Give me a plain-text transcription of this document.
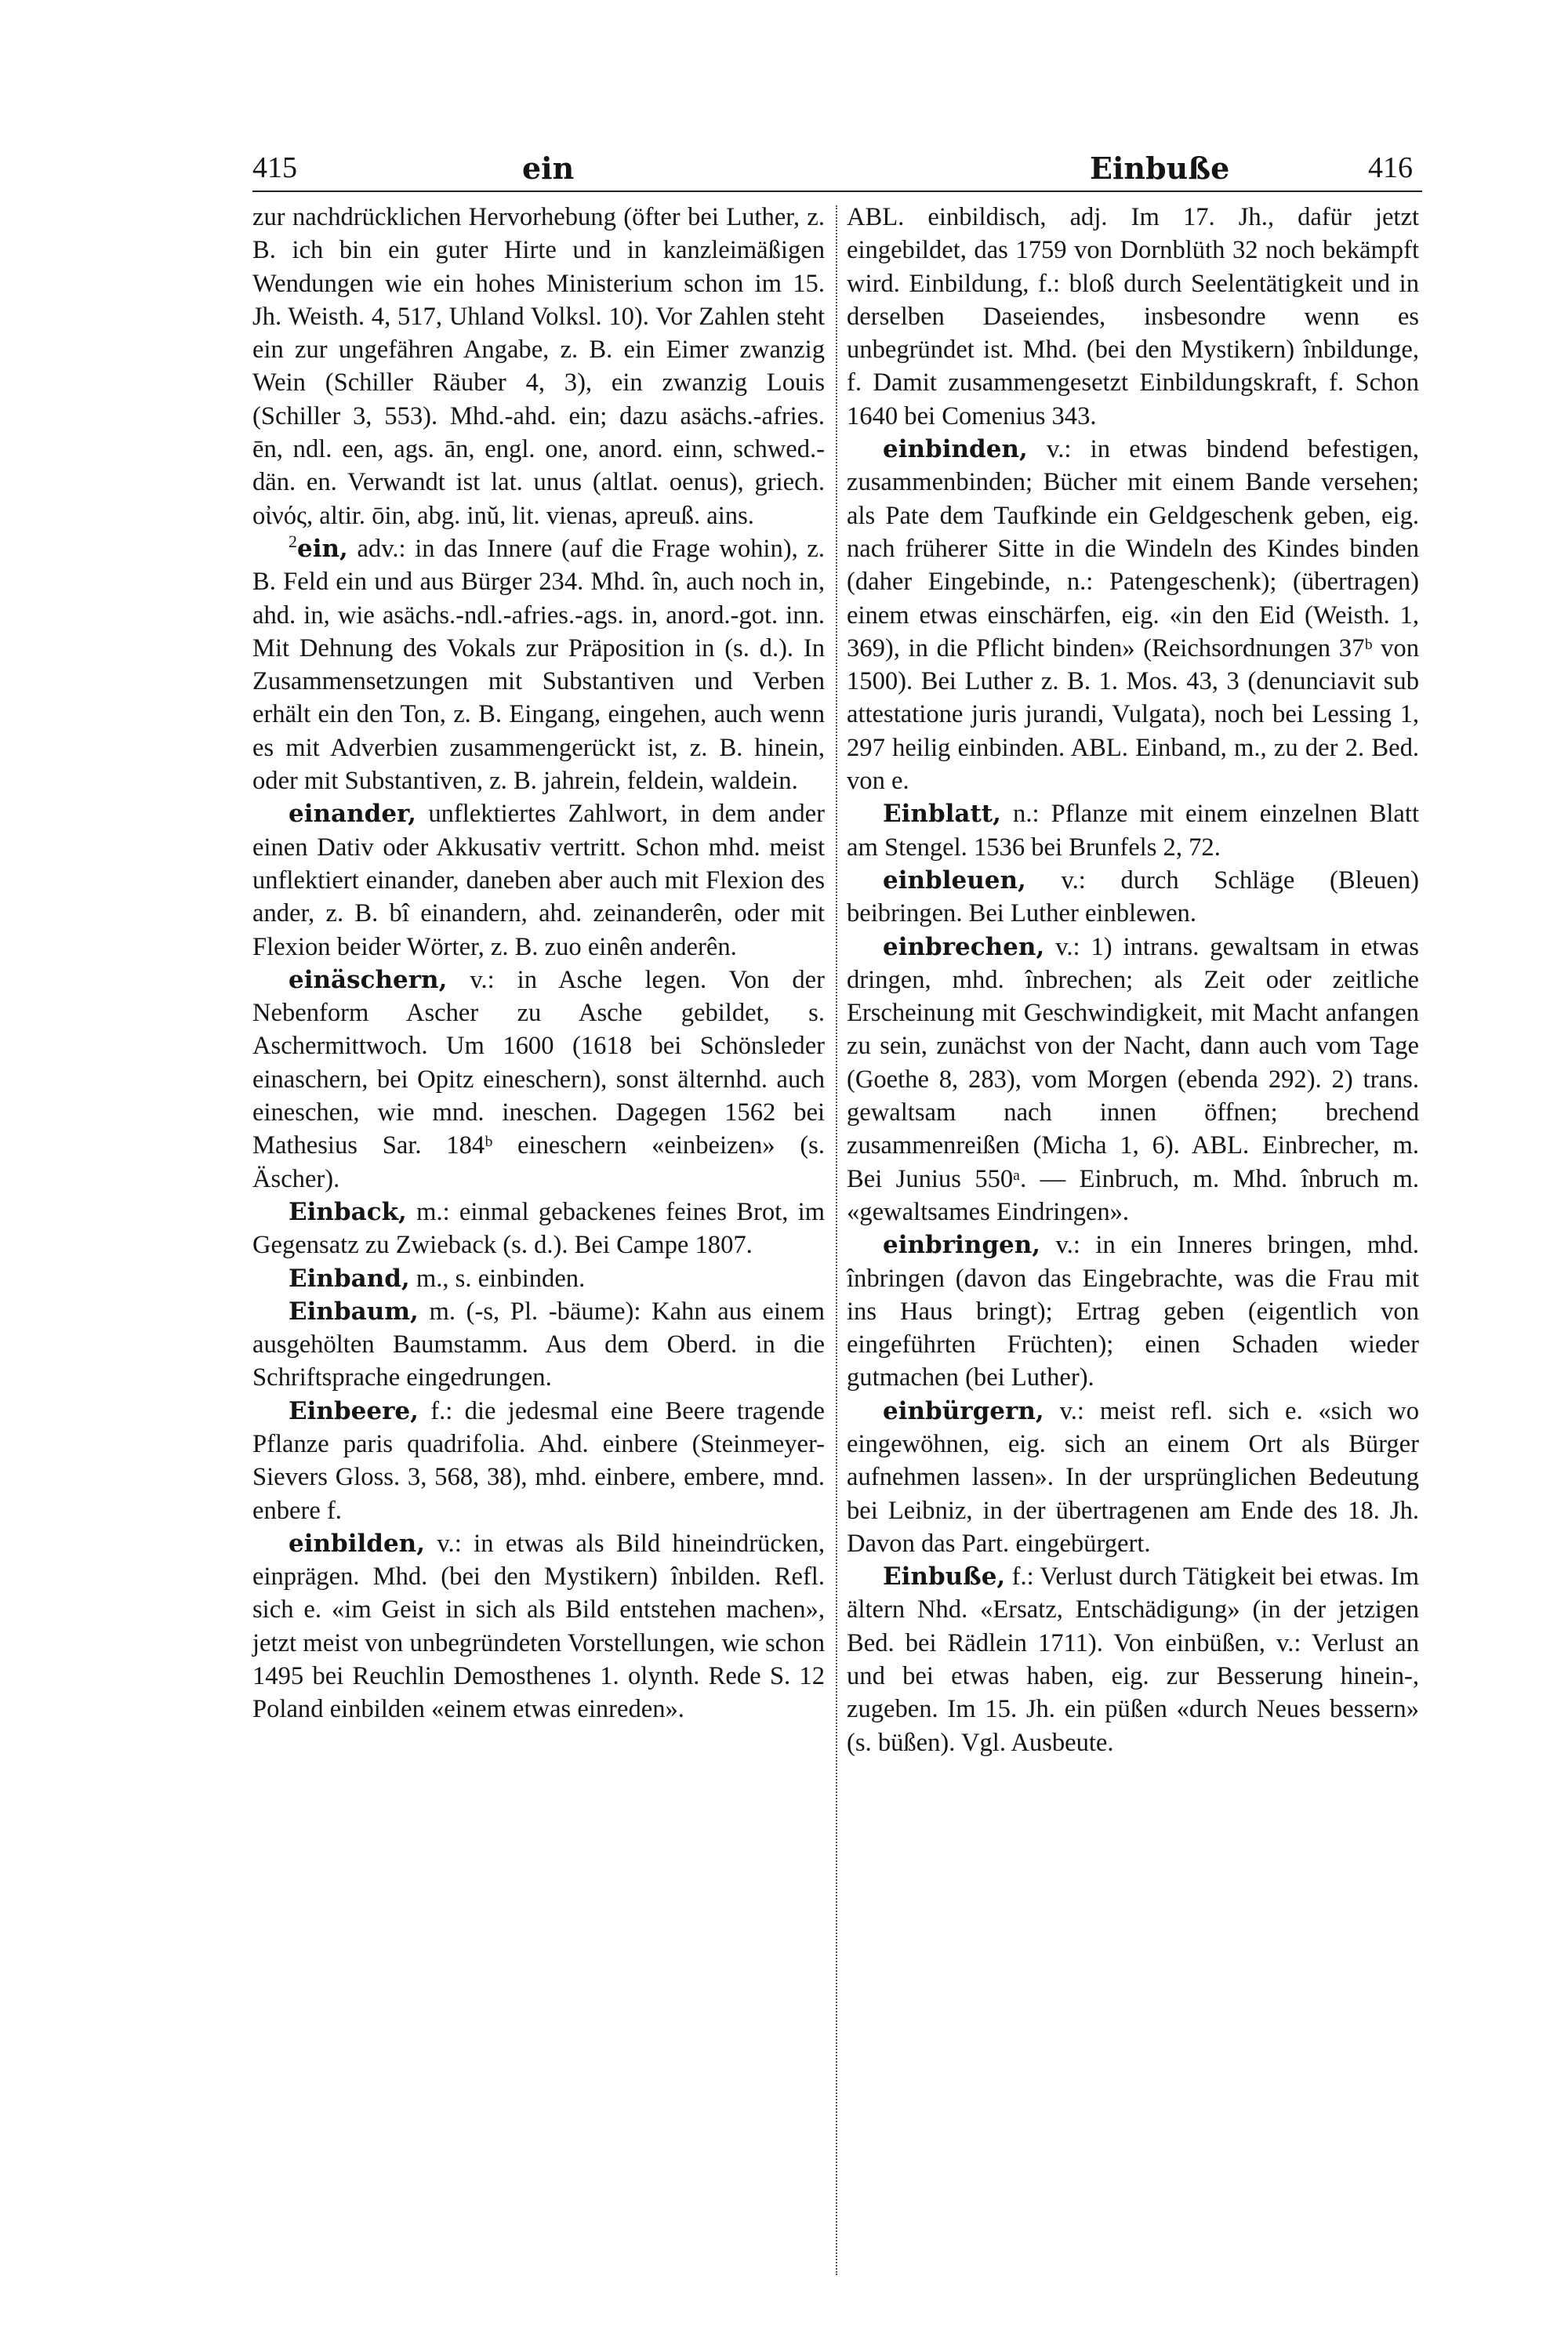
415	ein	Einbuße	416

zur nachdrücklichen Hervorhebung (öfter bei Luther, z. B. ich bin ein guter Hirte und in kanzleimäßigen Wendungen wie ein hohes Ministerium schon im 15. Jh. Weisth. 4, 517, Uhland Volksl. 10). Vor Zahlen steht ein zur ungefähren Angabe, z. B. ein Eimer zwanzig Wein (Schiller Räuber 4, 3), ein zwanzig Louis (Schiller 3, 553). Mhd.-ahd. ein; dazu asächs.-afries. ēn, ndl. een, ags. ān, engl. one, anord. einn, schwed.-dän. en. Verwandt ist lat. unus (altlat. oenus), griech. οἰνός, altir. ōin, abg. inŭ, lit. vienas, apreuß. ains.

$^2$ein, adv.: in das Innere (auf die Frage wohin), z. B. Feld ein und aus Bürger 234. Mhd. în, auch noch in, ahd. in, wie asächs.-ndl.-afries.-ags. in, anord.-got. inn. Mit Dehnung des Vokals zur Präposition in (s. d.). In Zusammensetzungen mit Substantiven und Verben erhält ein den Ton, z. B. Eingang, eingehen, auch wenn es mit Adverbien zusammengerückt ist, z. B. hinein, oder mit Substantiven, z. B. jahrein, feldein, waldein.

einander, unflektiertes Zahlwort, in dem ander einen Dativ oder Akkusativ vertritt. Schon mhd. meist unflektiert einander, daneben aber auch mit Flexion des ander, z. B. bî einandern, ahd. zeinanderên, oder mit Flexion beider Wörter, z. B. zuo einên anderên.

einäschern, v.: in Asche legen. Von der Nebenform Ascher zu Asche gebildet, s. Aschermittwoch. Um 1600 (1618 bei Schönsleder einaschern, bei Opitz eineschern), sonst älternhd. auch eineschen, wie mnd. ineschen. Dagegen 1562 bei Mathesius Sar. 184ᵇ eineschern «einbeizen» (s. Äscher).

Einback, m.: einmal gebackenes feines Brot, im Gegensatz zu Zwieback (s. d.). Bei Campe 1807.

Einband, m., s. einbinden.

Einbaum, m. (-s, Pl. -bäume): Kahn aus einem ausgehölten Baumstamm. Aus dem Oberd. in die Schriftsprache eingedrungen.

Einbeere, f.: die jedesmal eine Beere tragende Pflanze paris quadrifolia. Ahd. einbere (Steinmeyer-Sievers Gloss. 3, 568, 38), mhd. einbere, embere, mnd. enbere f.

einbilden, v.: in etwas als Bild hineindrücken, einprägen. Mhd. (bei den Mystikern) înbilden. Refl. sich e. «im Geist in sich als Bild entstehen machen», jetzt meist von unbegründeten Vorstellungen, wie schon 1495 bei Reuchlin Demosthenes 1. olynth. Rede S. 12 Poland einbilden «einem etwas einreden».

ABL. einbildisch, adj. Im 17. Jh., dafür jetzt eingebildet, das 1759 von Dornblüth 32 noch bekämpft wird. Einbildung, f.: bloß durch Seelentätigkeit und in derselben Daseiendes, insbesondre wenn es unbegründet ist. Mhd. (bei den Mystikern) înbildunge, f. Damit zusammengesetzt Einbildungskraft, f. Schon 1640 bei Comenius 343.

einbinden, v.: in etwas bindend befestigen, zusammenbinden; Bücher mit einem Bande versehen; als Pate dem Taufkinde ein Geldgeschenk geben, eig. nach früherer Sitte in die Windeln des Kindes binden (daher Eingebinde, n.: Patengeschenk); (übertragen) einem etwas einschärfen, eig. «in den Eid (Weisth. 1, 369), in die Pflicht binden» (Reichsordnungen 37ᵇ von 1500). Bei Luther z. B. 1. Mos. 43, 3 (denunciavit sub attestatione juris jurandi, Vulgata), noch bei Lessing 1, 297 heilig einbinden. ABL. Einband, m., zu der 2. Bed. von e.

Einblatt, n.: Pflanze mit einem einzelnen Blatt am Stengel. 1536 bei Brunfels 2, 72.

einbleuen, v.: durch Schläge (Bleuen) beibringen. Bei Luther einblewen.

einbrechen, v.: 1) intrans. gewaltsam in etwas dringen, mhd. înbrechen; als Zeit oder zeitliche Erscheinung mit Geschwindigkeit, mit Macht anfangen zu sein, zunächst von der Nacht, dann auch vom Tage (Goethe 8, 283), vom Morgen (ebenda 292). 2) trans. gewaltsam nach innen öffnen; brechend zusammenreißen (Micha 1, 6). ABL. Einbrecher, m. Bei Junius 550ᵃ. — Einbruch, m. Mhd. înbruch m. «gewaltsames Eindringen».

einbringen, v.: in ein Inneres bringen, mhd. înbringen (davon das Eingebrachte, was die Frau mit ins Haus bringt); Ertrag geben (eigentlich von eingeführten Früchten); einen Schaden wieder gutmachen (bei Luther).

einbürgern, v.: meist refl. sich e. «sich wo eingewöhnen, eig. sich an einem Ort als Bürger aufnehmen lassen». In der ursprünglichen Bedeutung bei Leibniz, in der übertragenen am Ende des 18. Jh. Davon das Part. eingebürgert.

Einbuße, f.: Verlust durch Tätigkeit bei etwas. Im ältern Nhd. «Ersatz, Entschädigung» (in der jetzigen Bed. bei Rädlein 1711). Von einbüßen, v.: Verlust an und bei etwas haben, eig. zur Besserung hinein-, zugeben. Im 15. Jh. ein püßen «durch Neues bessern» (s. büßen). Vgl. Ausbeute.
